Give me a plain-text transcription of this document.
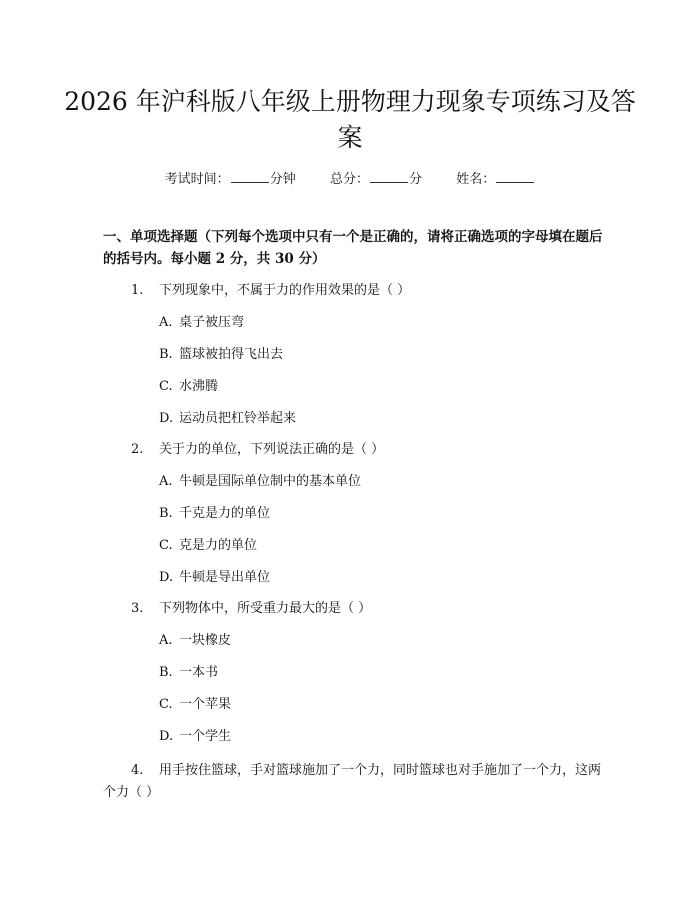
2026 年沪科版八年级上册物理力现象专项练习及答案
考试时间：	分钟	总分：	分	姓名：

一、单项选择题（下列每个选项中只有一个是正确的，请将正确选项的字母填在题后的括号内。每小题 2 分，共 30 分）

1. 下列现象中，不属于力的作用效果的是（ ）
A. 桌子被压弯
B. 篮球被拍得飞出去
C. 水沸腾
D. 运动员把杠铃举起来
2. 关于力的单位，下列说法正确的是（ ）
A. 牛顿是国际单位制中的基本单位
B. 千克是力的单位
C. 克是力的单位
D. 牛顿是导出单位
3. 下列物体中，所受重力最大的是（ ）
A. 一块橡皮
B. 一本书
C. 一个苹果
D. 一个学生
4. 用手按住篮球，手对篮球施加了一个力，同时篮球也对手施加了一个力，这两个力（ ）
